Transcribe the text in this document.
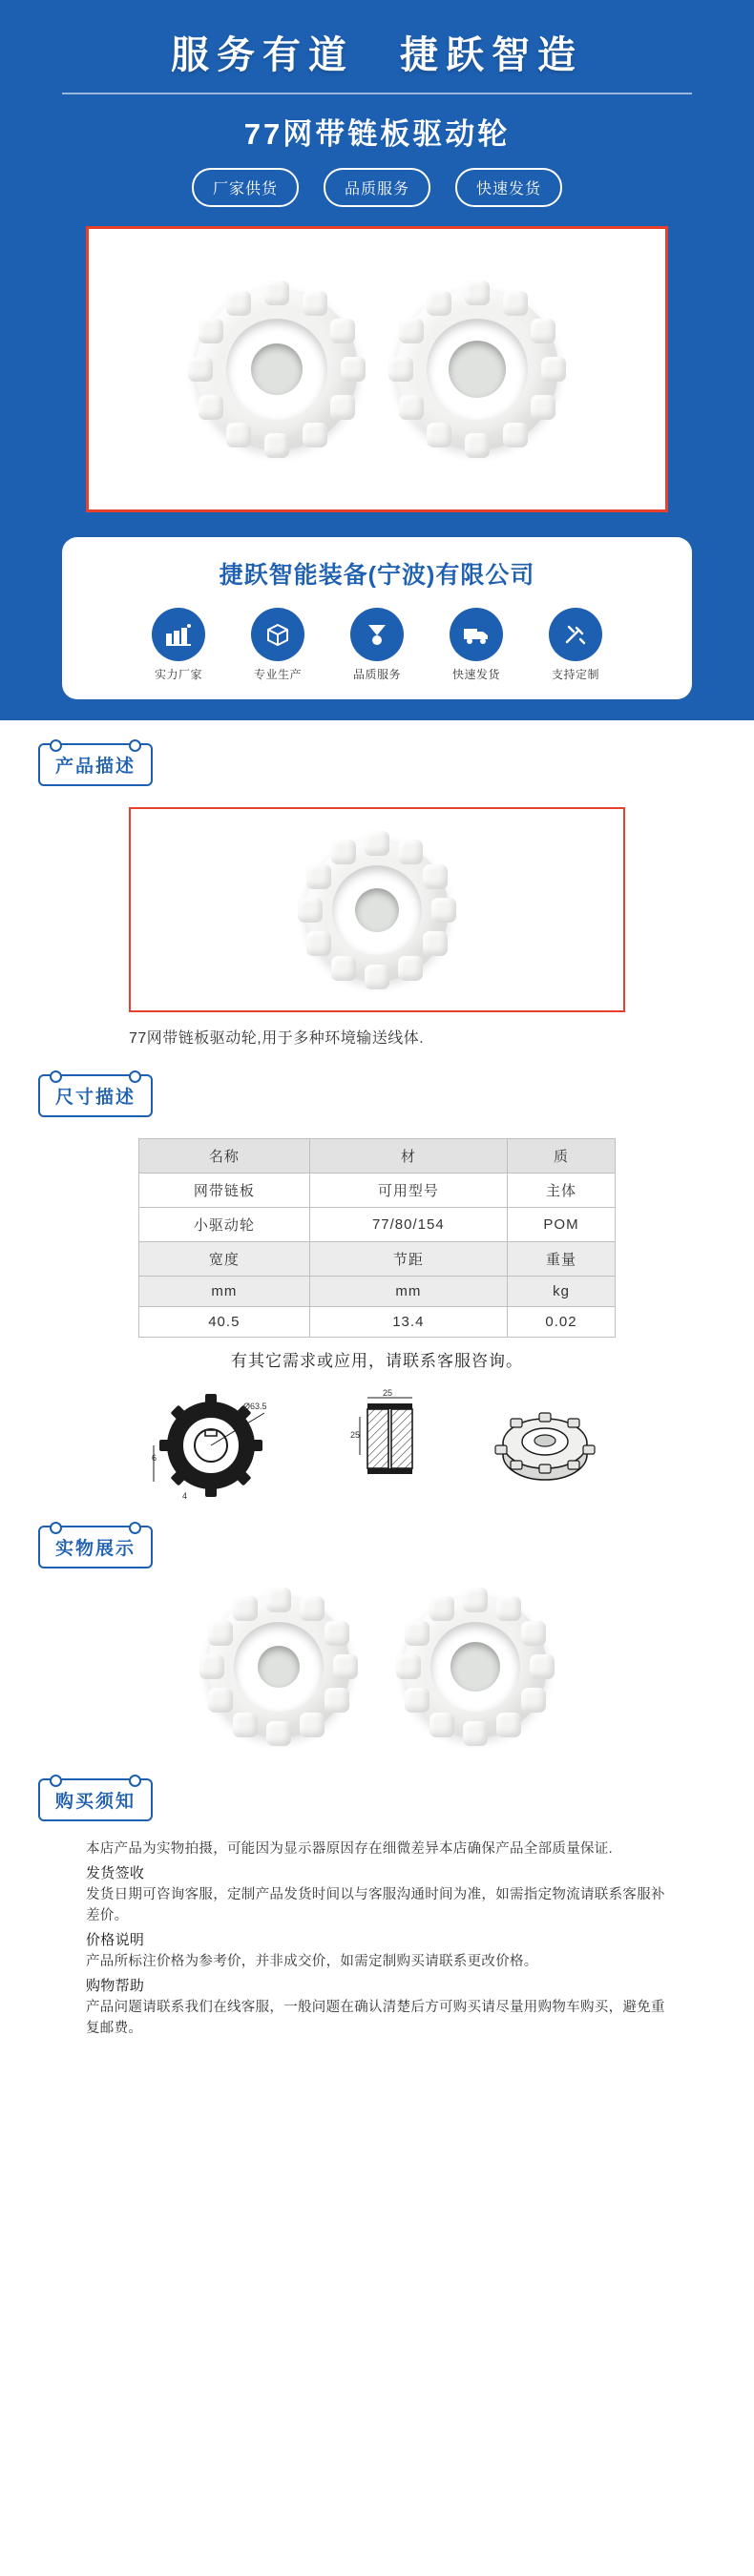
服务有道　捷跃智造
77网带链板驱动轮
厂家供货	品质服务	快速发货
捷跃智能装备(宁波)有限公司
实力厂家	专业生产	品质服务	快速发货	支持定制
产品描述
77网带链板驱动轮,用于多种环境输送线体.
尺寸描述
名称	材	质
网带链板	可用型号	主体
小驱动轮	77/80/154	POM
宽度	节距	重量
mm	mm	kg
40.5	13.4	0.02
有其它需求或应用，请联系客服咨询。
Ø63.5
6
4
25
25
实物展示
购买须知

本店产品为实物拍摄，可能因为显示器原因存在细微差异本店确保产品全部质量保证.

发货签收

发货日期可咨询客服，定制产品发货时间以与客服沟通时间为准，如需指定物流请联系客服补差价。

价格说明

产品所标注价格为参考价，并非成交价，如需定制购买请联系更改价格。

购物帮助

产品问题请联系我们在线客服，一般问题在确认清楚后方可购买请尽量用购物车购买，避免重复邮费。
